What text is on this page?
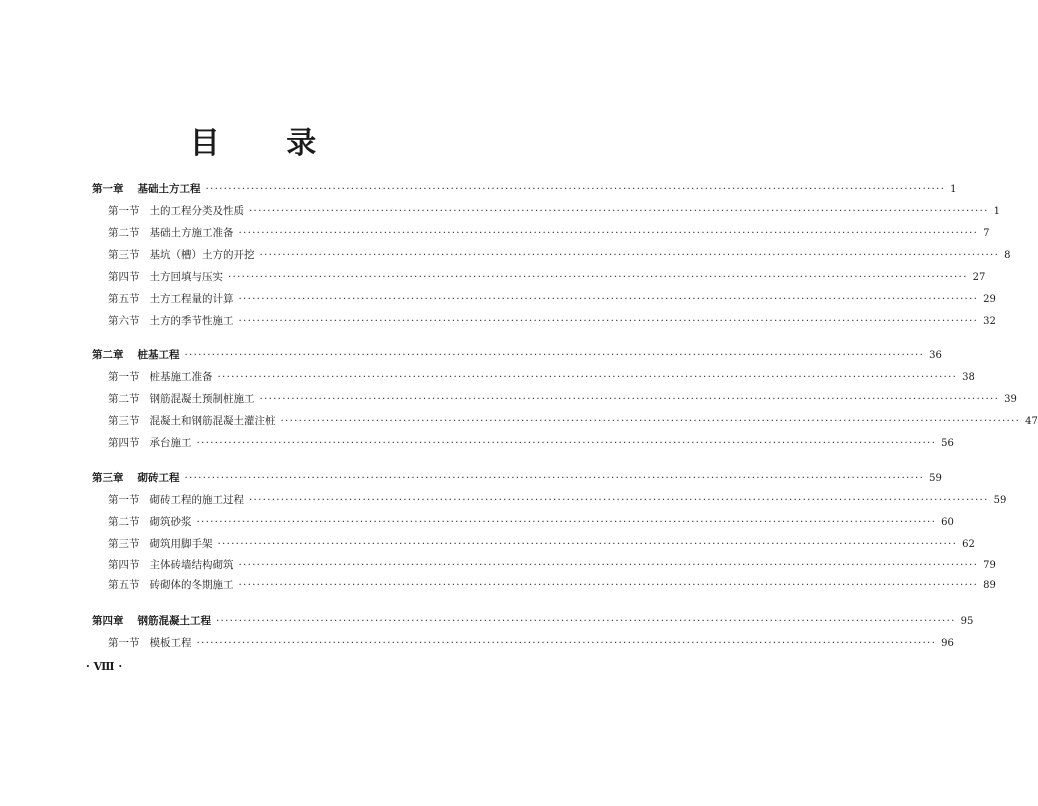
目 录
第一章 基础土方工程 ··································································································································································· 1
第一节 土的工程分类及性质 ··································································································································································· 1
第二节 基础土方施工准备 ··································································································································································· 7
第三节 基坑（槽）土方的开挖 ··································································································································································· 8
第四节 土方回填与压实 ··································································································································································· 27
第五节 土方工程量的计算 ··································································································································································· 29
第六节 土方的季节性施工 ··································································································································································· 32
第二章 桩基工程 ··································································································································································· 36
第一节 桩基施工准备 ··································································································································································· 38
第二节 钢筋混凝土预制桩施工 ··································································································································································· 39
第三节 混凝土和钢筋混凝土灌注桩 ··································································································································································· 47
第四节 承台施工 ··································································································································································· 56
第三章 砌砖工程 ··································································································································································· 59
第一节 砌砖工程的施工过程 ··································································································································································· 59
第二节 砌筑砂浆 ··································································································································································· 60
第三节 砌筑用脚手架 ··································································································································································· 62
第四节 主体砖墙结构砌筑 ··································································································································································· 79
第五节 砖砌体的冬期施工 ··································································································································································· 89
第四章 钢筋混凝土工程 ··································································································································································· 95
第一节 模板工程 ··································································································································································· 96
· Ⅷ ·
